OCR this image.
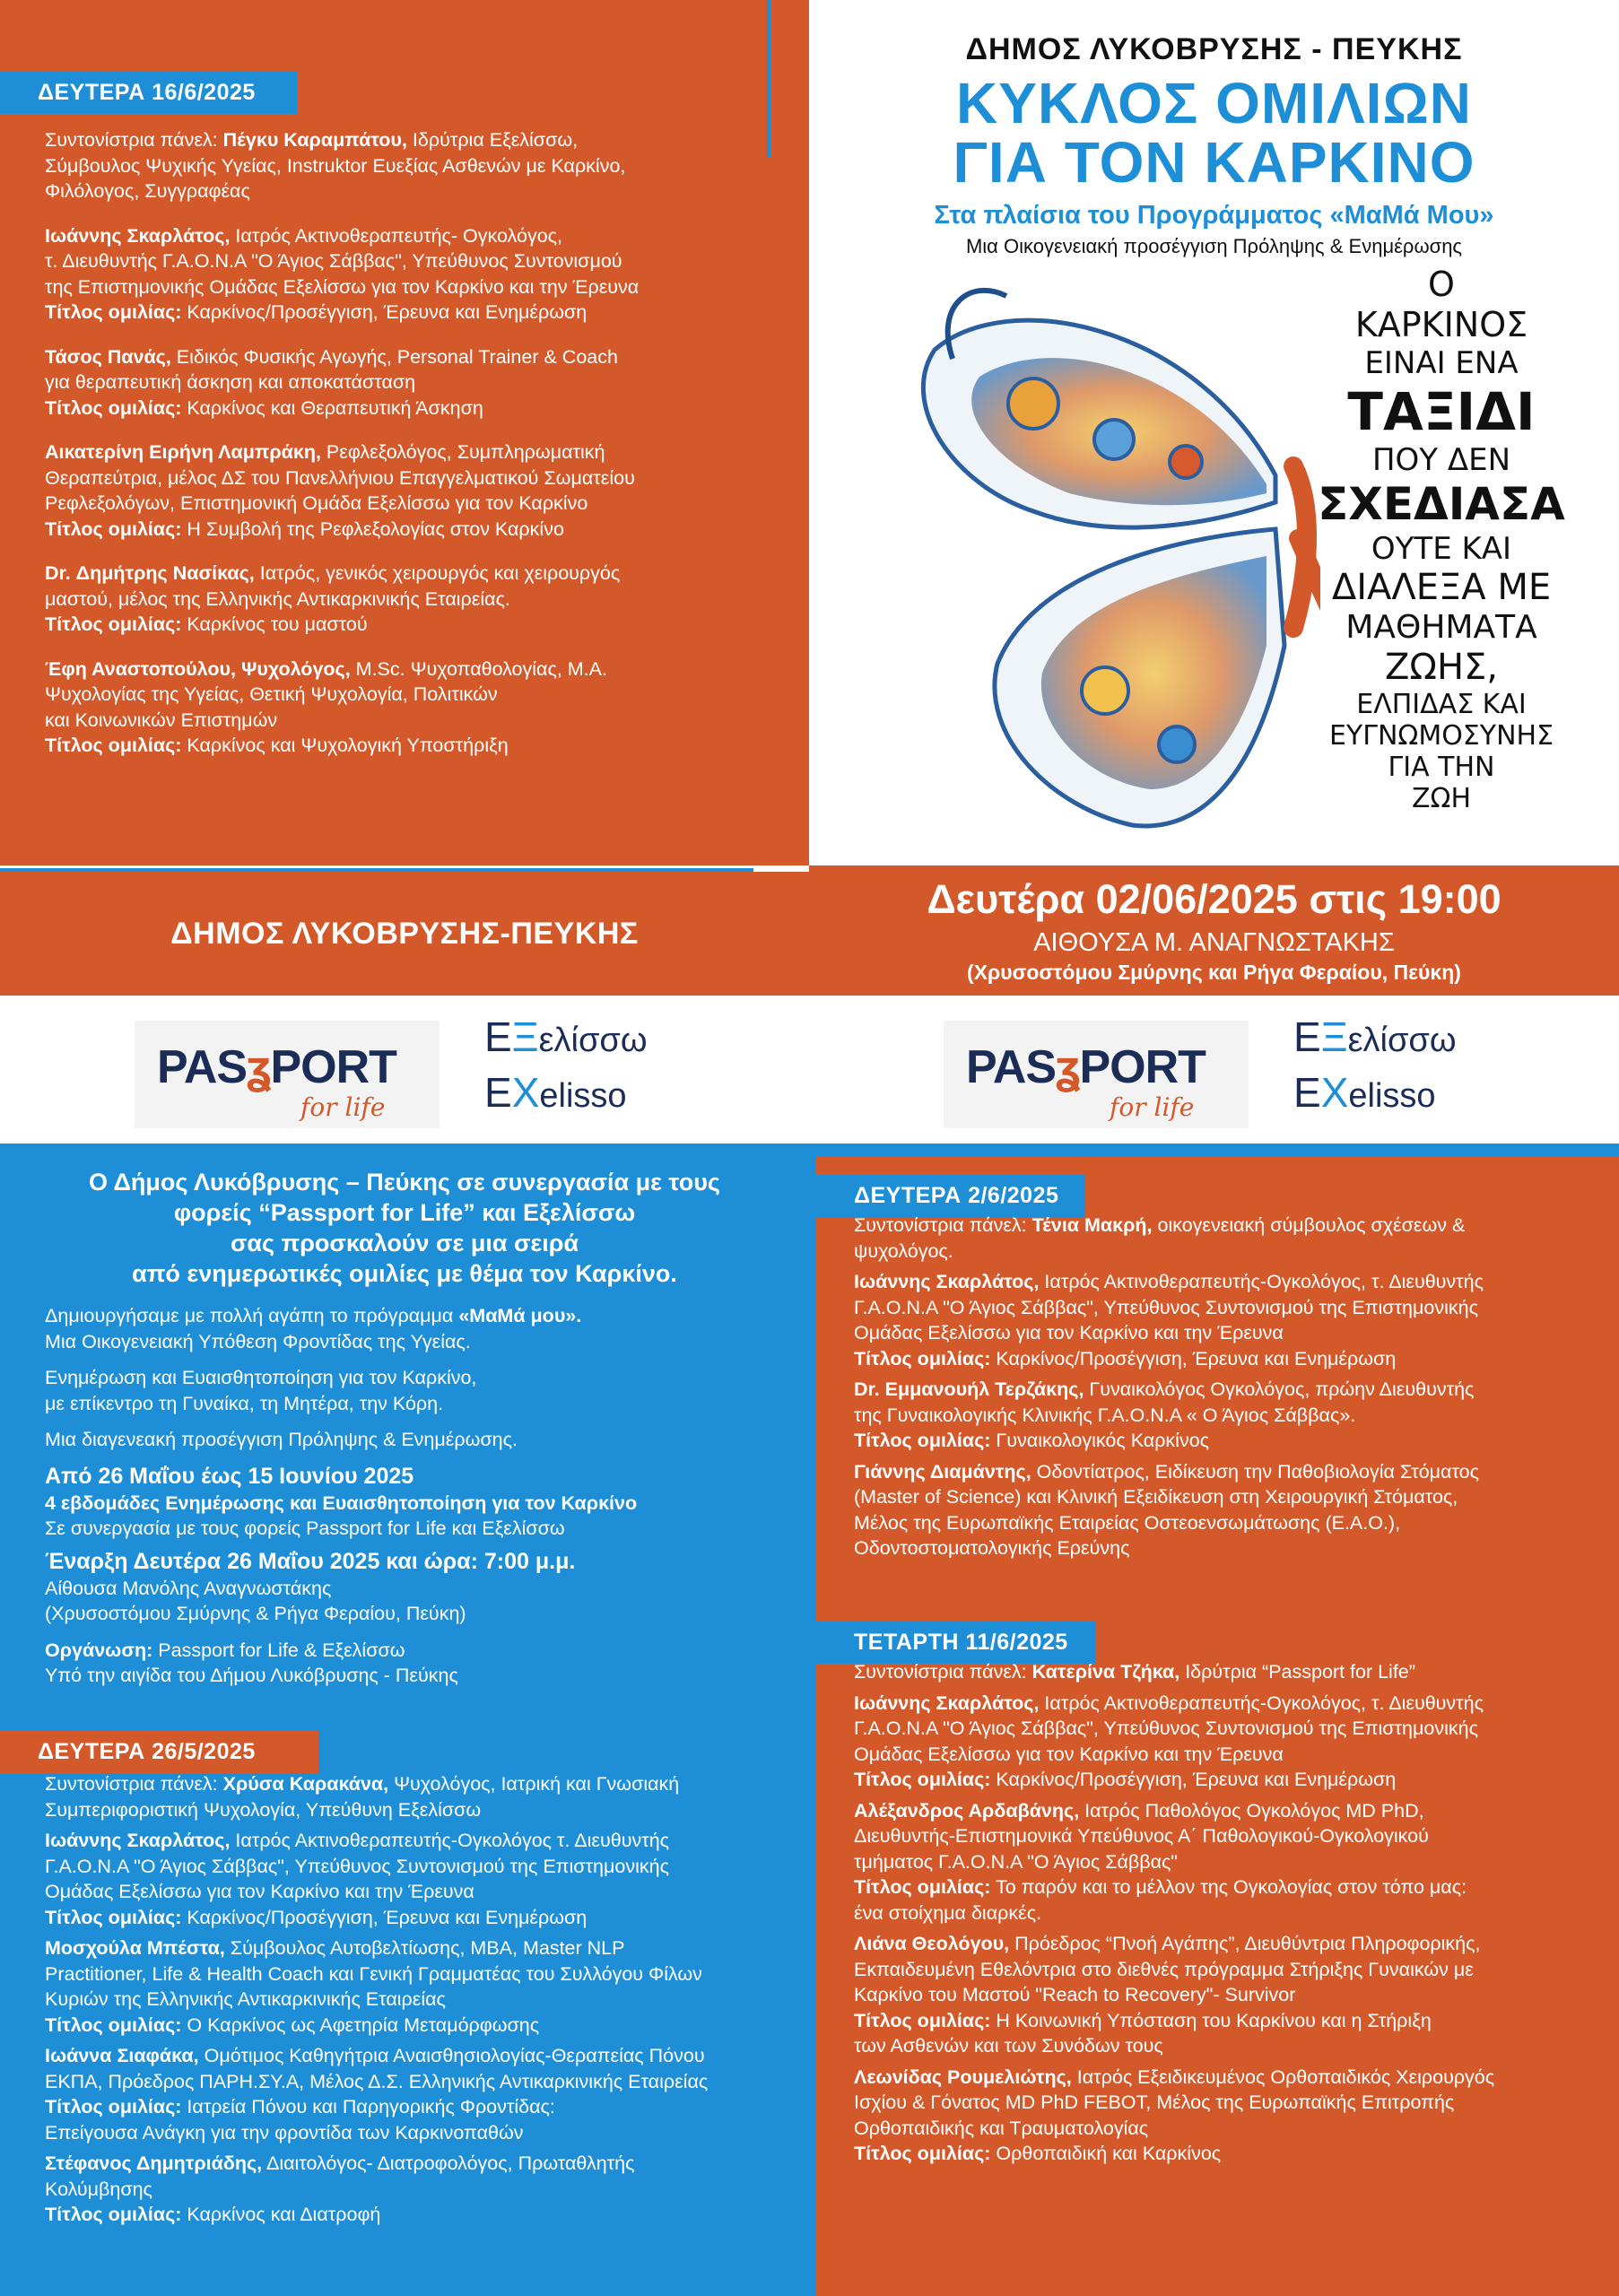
ΔΕΥΤΕΡΑ 16/6/2025
Συντονίστρια πάνελ: Πέγκυ Καραμπάτου, Ιδρύτρια Εξελίσσω,
Σύμβουλος Ψυχικής Υγείας, Instruktor Ευεξίας Ασθενών με Καρκίνο,
Φιλόλογος, Συγγραφέας
Ιωάννης Σκαρλάτος, Ιατρός Ακτινοθεραπευτής- Ογκολόγος,
τ. Διευθυντής Γ.Α.Ο.Ν.Α "Ο Άγιος Σάββας", Υπεύθυνος Συντονισμού
της Επιστημονικής Ομάδας Εξελίσσω για τον Καρκίνο και την Έρευνα
Τίτλος ομιλίας: Καρκίνος/Προσέγγιση, Έρευνα και Ενημέρωση
Τάσος Πανάς, Ειδικός Φυσικής Αγωγής, Personal Trainer & Coach
για θεραπευτική άσκηση και αποκατάσταση
Τίτλος ομιλίας: Καρκίνος και Θεραπευτική Άσκηση
Αικατερίνη Ειρήνη Λαμπράκη, Ρεφλεξολόγος, Συμπληρωματική
Θεραπεύτρια, μέλος ΔΣ του Πανελλήνιου Επαγγελματικού Σωματείου
Ρεφλεξολόγων, Επιστημονική Ομάδα Εξελίσσω για τον Καρκίνο
Τίτλος ομιλίας: Η Συμβολή της Ρεφλεξολογίας στον Καρκίνο
Dr. Δημήτρης Νασίκας, Ιατρός, γενικός χειρουργός και χειρουργός
μαστού, μέλος της Ελληνικής Αντικαρκινικής Εταιρείας.
Τίτλος ομιλίας: Καρκίνος του μαστού
Έφη Αναστοπούλου, Ψυχολόγος, M.Sc. Ψυχοπαθολογίας, M.A.
Ψυχολογίας της Υγείας, Θετική Ψυχολογία, Πολιτικών
και Κοινωνικών Επιστημών
Τίτλος ομιλίας: Καρκίνος και Ψυχολογική Υποστήριξη
ΔΗΜΟΣ ΛΥΚΟΒΡΥΣΗΣ - ΠΕΥΚΗΣ
ΚΥΚΛΟΣ ΟΜΙΛΙΩΝ
ΓΙΑ ΤΟΝ ΚΑΡΚΙΝΟ
Στα πλαίσια του Προγράμματος «ΜαΜά Μου»
Μια Οικογενειακή προσέγγιση Πρόληψης & Ενημέρωσης
Ο
ΚΑΡΚΙΝΟΣ
ΕΙΝΑΙ ΕΝΑ
ΤΑΞΙΔΙ
ΠΟΥ ΔΕΝ
ΣΧΕΔΙΑΣΑ
ΟΥΤΕ ΚΑΙ
ΔΙΑΛΕΞΑ ΜΕ
ΜΑΘΗΜΑΤΑ
ΖΩΗΣ,
ΕΛΠΙΔΑΣ ΚΑΙ
ΕΥΓΝΩΜΟΣΥΝΗΣ
ΓΙΑ ΤΗΝ
ΖΩΗ
ΔΗΜΟΣ ΛΥΚΟΒΡΥΣΗΣ-ΠΕΥΚΗΣ
PASʓPORT
for life
ΕΞελίσσω
EXelisso
Δευτέρα 02/06/2025 στις 19:00
ΑΙΘΟΥΣΑ Μ. ΑΝΑΓΝΩΣΤΑΚΗΣ
(Χρυσοστόμου Σμύρνης και Ρήγα Φεραίου, Πεύκη)
PASʓPORT
for life
ΕΞελίσσω
EXelisso
Ο Δήμος Λυκόβρυσης – Πεύκης σε συνεργασία με τους
φορείς “Passport for Life” και Εξελίσσω
σας προσκαλούν σε μια σειρά
από ενημερωτικές ομιλίες με θέμα τον Καρκίνο.
Δημιουργήσαμε με πολλή αγάπη το πρόγραμμα «ΜαΜά μου».
Μια Οικογενειακή Υπόθεση Φροντίδας της Υγείας.
Ενημέρωση και Ευαισθητοποίηση για τον Καρκίνο,
με επίκεντρο τη Γυναίκα, τη Μητέρα, την Κόρη.
Μια διαγενεακή προσέγγιση Πρόληψης & Ενημέρωσης.
Από 26 Μαΐου έως 15 Ιουνίου 2025
4 εβδομάδες Ενημέρωσης και Ευαισθητοποίηση για τον Καρκίνο
Σε συνεργασία με τους φορείς Passport for Life και Εξελίσσω
Έναρξη Δευτέρα 26 Μαΐου 2025 και ώρα: 7:00 μ.μ.
Αίθουσα Μανόλης Αναγνωστάκης
(Χρυσοστόμου Σμύρνης & Ρήγα Φεραίου, Πεύκη)
Οργάνωση: Passport for Life & Εξελίσσω
Υπό την αιγίδα του Δήμου Λυκόβρυσης - Πεύκης
ΔΕΥΤΕΡΑ 26/5/2025
Συντονίστρια πάνελ: Χρύσα Καρακάνα, Ψυχολόγος, Ιατρική και Γνωσιακή
Συμπεριφοριστική Ψυχολογία, Υπεύθυνη Εξελίσσω
Ιωάννης Σκαρλάτος, Ιατρός Ακτινοθεραπευτής-Ογκολόγος τ. Διευθυντής
Γ.Α.Ο.Ν.Α "Ο Άγιος Σάββας", Υπεύθυνος Συντονισμού της Επιστημονικής
Ομάδας Εξελίσσω για τον Καρκίνο και την Έρευνα
Τίτλος ομιλίας: Καρκίνος/Προσέγγιση, Έρευνα και Ενημέρωση
Μοσχούλα Μπέστα, Σύμβουλος Αυτοβελτίωσης, MBA, Master NLP
Practitioner, Life & Health Coach και Γενική Γραμματέας του Συλλόγου Φίλων
Κυριών της Ελληνικής Αντικαρκινικής Εταιρείας
Τίτλος ομιλίας: Ο Καρκίνος ως Αφετηρία Μεταμόρφωσης
Ιωάννα Σιαφάκα, Ομότιμος Καθηγήτρια Αναισθησιολογίας-Θεραπείας Πόνου
ΕΚΠΑ, Πρόεδρος ΠΑΡΗ.ΣΥ.Α, Μέλος Δ.Σ. Ελληνικής Αντικαρκινικής Εταιρείας
Τίτλος ομιλίας: Ιατρεία Πόνου και Παρηγορικής Φροντίδας:
Επείγουσα Ανάγκη για την φροντίδα των Καρκινοπαθών
Στέφανος Δημητριάδης, Διαιτολόγος- Διατροφολόγος, Πρωταθλητής
Κολύμβησης
Τίτλος ομιλίας: Καρκίνος και Διατροφή
ΔΕΥΤΕΡΑ 2/6/2025
Συντονίστρια πάνελ: Τένια Μακρή, οικογενειακή σύμβουλος σχέσεων &
ψυχολόγος.
Ιωάννης Σκαρλάτος, Ιατρός Ακτινοθεραπευτής-Ογκολόγος, τ. Διευθυντής
Γ.Α.Ο.Ν.Α "Ο Άγιος Σάββας", Υπεύθυνος Συντονισμού της Επιστημονικής
Ομάδας Εξελίσσω για τον Καρκίνο και την Έρευνα
Τίτλος ομιλίας: Καρκίνος/Προσέγγιση, Έρευνα και Ενημέρωση
Dr. Εμμανουήλ Τερζάκης, Γυναικολόγος Ογκολόγος, πρώην Διευθυντής
της Γυναικολογικής Κλινικής Γ.Α.Ο.Ν.Α « Ο Άγιος Σάββας».
Τίτλος ομιλίας: Γυναικολογικός Καρκίνος
Γιάννης Διαμάντης, Οδοντίατρος, Ειδίκευση την Παθοβιολογία Στόματος
(Master of Science) και Κλινική Εξειδίκευση στη Χειρουργική Στόματος,
Μέλος της Ευρωπαϊκής Εταιρείας Οστεοενσωμάτωσης (Ε.Α.Ο.),
Οδοντοστοματολογικής Ερεύνης
ΤΕΤΑΡΤΗ 11/6/2025
Συντονίστρια πάνελ: Κατερίνα Τζήκα, Ιδρύτρια “Passport for Life”
Ιωάννης Σκαρλάτος, Ιατρός Ακτινοθεραπευτής-Ογκολόγος, τ. Διευθυντής
Γ.Α.Ο.Ν.Α "Ο Άγιος Σάββας", Υπεύθυνος Συντονισμού της Επιστημονικής
Ομάδας Εξελίσσω για τον Καρκίνο και την Έρευνα
Τίτλος ομιλίας: Καρκίνος/Προσέγγιση, Έρευνα και Ενημέρωση
Αλέξανδρος Αρδαβάνης, Ιατρός Παθολόγος Ογκολόγος MD PhD,
Διευθυντής-Επιστημονικά Υπεύθυνος Α΄ Παθολογικού-Ογκολογικού
τμήματος Γ.Α.Ο.Ν.Α "Ο Άγιος Σάββας"
Τίτλος ομιλίας: Το παρόν και το μέλλον της Ογκολογίας στον τόπο μας:
ένα στοίχημα διαρκές.
Λιάνα Θεολόγου, Πρόεδρος “Πνοή Αγάπης”, Διευθύντρια Πληροφορικής,
Εκπαιδευμένη Εθελόντρια στο διεθνές πρόγραμμα Στήριξης Γυναικών με
Καρκίνο του Μαστού "Reach to Recovery"- Survivor
Τίτλος ομιλίας: Η Κοινωνική Υπόσταση του Καρκίνου και η Στήριξη
των Ασθενών και των Συνόδων τους
Λεωνίδας Ρουμελιώτης, Ιατρός Εξειδικευμένος Ορθοπαιδικός Χειρουργός
Ισχίου & Γόνατος MD PhD FEBOT, Μέλος της Ευρωπαϊκής Επιτροπής
Ορθοπαιδικής και Τραυματολογίας
Τίτλος ομιλίας: Ορθοπαιδική και Καρκίνος
